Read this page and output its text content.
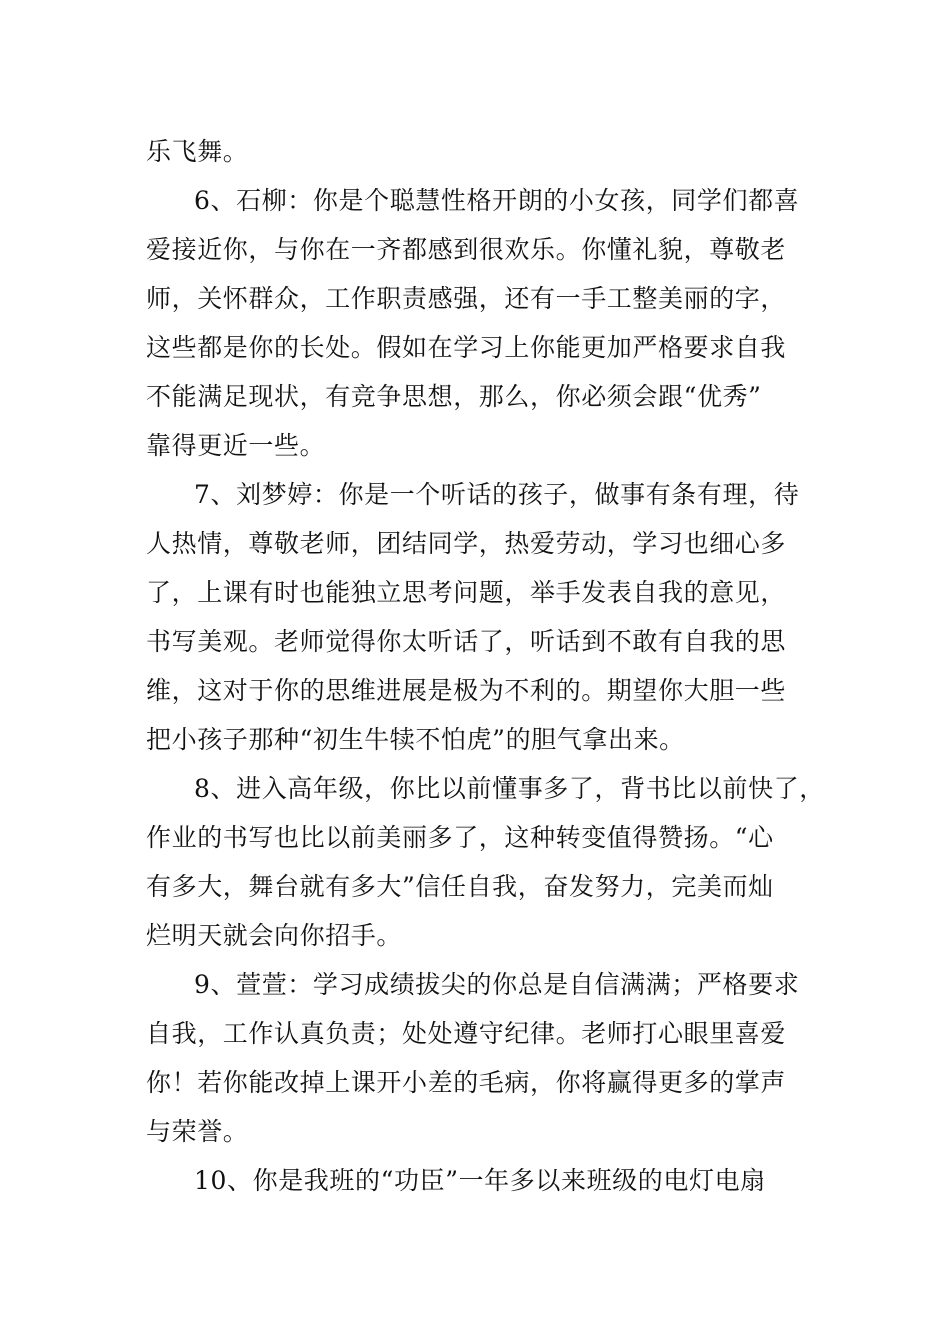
乐飞舞。
6、石柳：你是个聪慧性格开朗的小女孩，同学们都喜
爱接近你，与你在一齐都感到很欢乐。你懂礼貌，尊敬老
师，关怀群众，工作职责感强，还有一手工整美丽的字，
这些都是你的长处。假如在学习上你能更加严格要求自我
不能满足现状，有竞争思想，那么，你必须会跟“优秀”
靠得更近一些。
7、刘梦婷：你是一个听话的孩子，做事有条有理，待
人热情，尊敬老师，团结同学，热爱劳动，学习也细心多
了，上课有时也能独立思考问题，举手发表自我的意见，
书写美观。老师觉得你太听话了，听话到不敢有自我的思
维，这对于你的思维进展是极为不利的。期望你大胆一些
把小孩子那种“初生牛犊不怕虎”的胆气拿出来。
8、进入高年级，你比以前懂事多了，背书比以前快了，
作业的书写也比以前美丽多了，这种转变值得赞扬。“心
有多大，舞台就有多大”信任自我，奋发努力，完美而灿
烂明天就会向你招手。
9、萱萱：学习成绩拔尖的你总是自信满满；严格要求
自我，工作认真负责；处处遵守纪律。老师打心眼里喜爱
你！若你能改掉上课开小差的毛病，你将赢得更多的掌声
与荣誉。
10、你是我班的“功臣”一年多以来班级的电灯电扇
